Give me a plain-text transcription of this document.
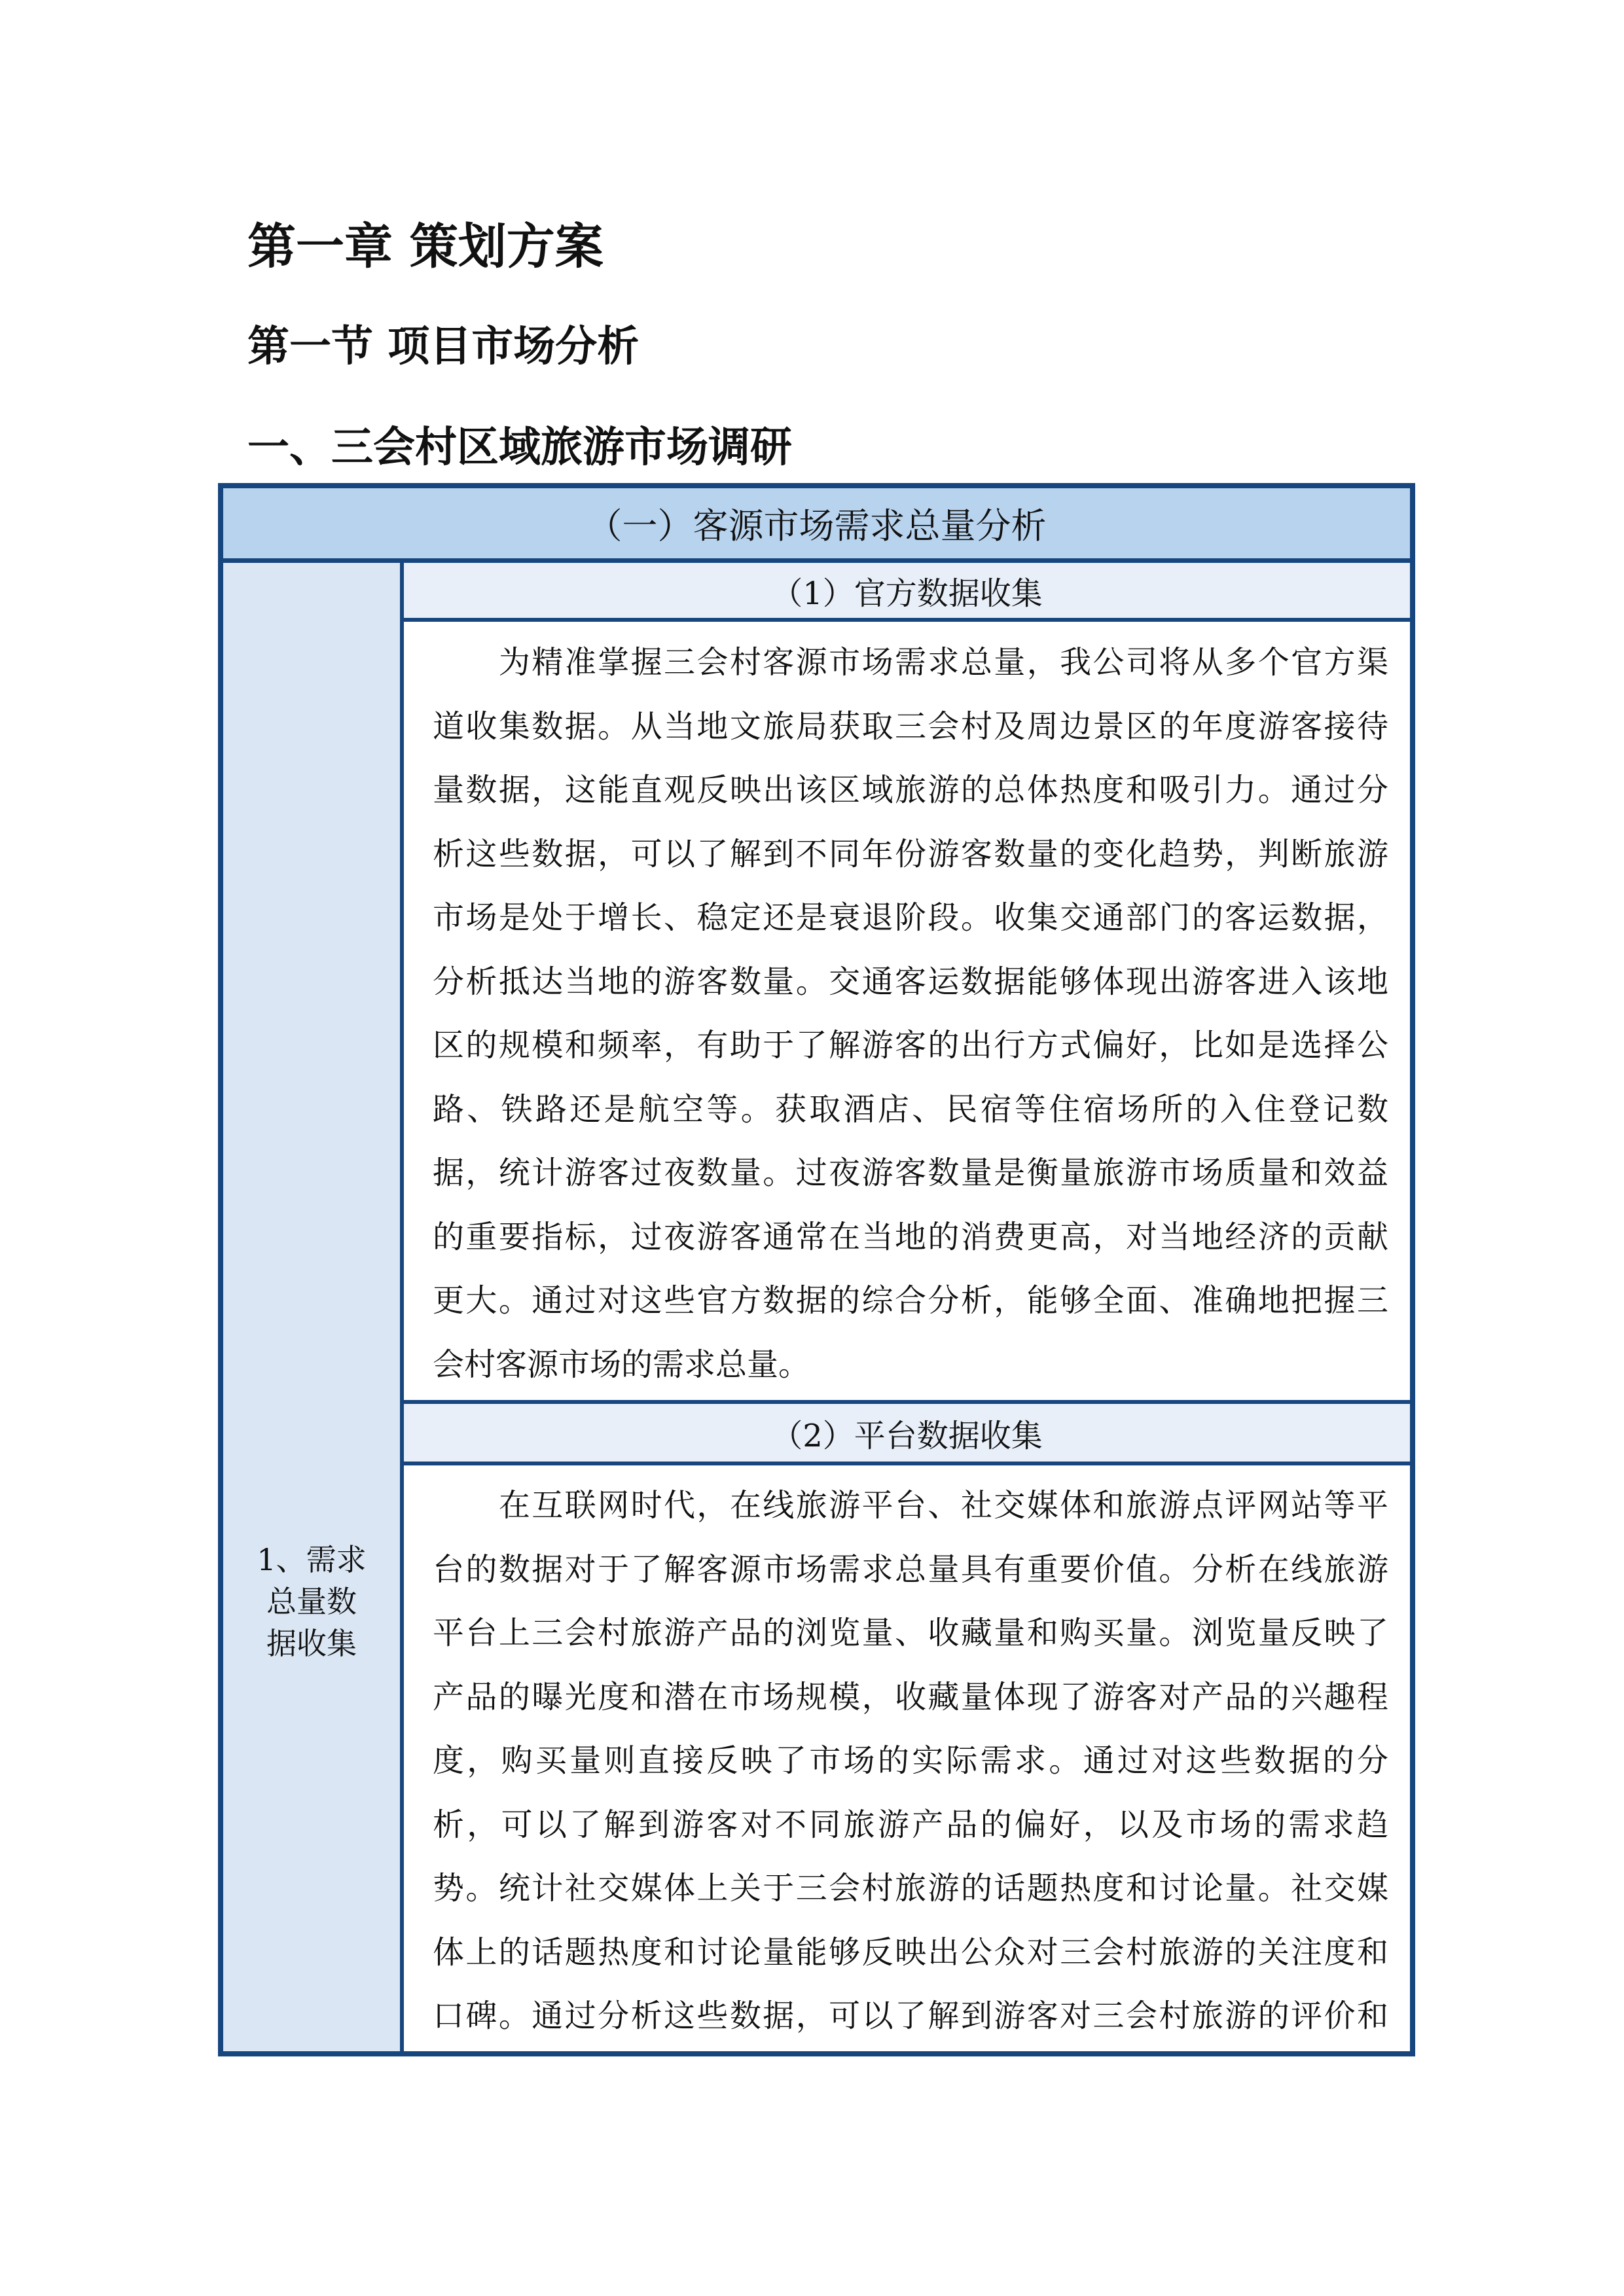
第一章 策划方案
第一节 项目市场分析
一、三会村区域旅游市场调研
（一）客源市场需求总量分析
1、需求总量数据收集
（1）官方数据收集
　　为精准掌握三会村客源市场需求总量，我公司将从多个官方渠
道收集数据。从当地文旅局获取三会村及周边景区的年度游客接待
量数据，这能直观反映出该区域旅游的总体热度和吸引力。通过分
析这些数据，可以了解到不同年份游客数量的变化趋势，判断旅游
市场是处于增长、稳定还是衰退阶段。收集交通部门的客运数据，
分析抵达当地的游客数量。交通客运数据能够体现出游客进入该地
区的规模和频率，有助于了解游客的出行方式偏好，比如是选择公
路、铁路还是航空等。获取酒店、民宿等住宿场所的入住登记数
据，统计游客过夜数量。过夜游客数量是衡量旅游市场质量和效益
的重要指标，过夜游客通常在当地的消费更高，对当地经济的贡献
更大。通过对这些官方数据的综合分析，能够全面、准确地把握三
会村客源市场的需求总量。
（2）平台数据收集
　　在互联网时代，在线旅游平台、社交媒体和旅游点评网站等平
台的数据对于了解客源市场需求总量具有重要价值。分析在线旅游
平台上三会村旅游产品的浏览量、收藏量和购买量。浏览量反映了
产品的曝光度和潜在市场规模，收藏量体现了游客对产品的兴趣程
度，购买量则直接反映了市场的实际需求。通过对这些数据的分
析，可以了解到游客对不同旅游产品的偏好，以及市场的需求趋
势。统计社交媒体上关于三会村旅游的话题热度和讨论量。社交媒
体上的话题热度和讨论量能够反映出公众对三会村旅游的关注度和
口碑。通过分析这些数据，可以了解到游客对三会村旅游的评价和
